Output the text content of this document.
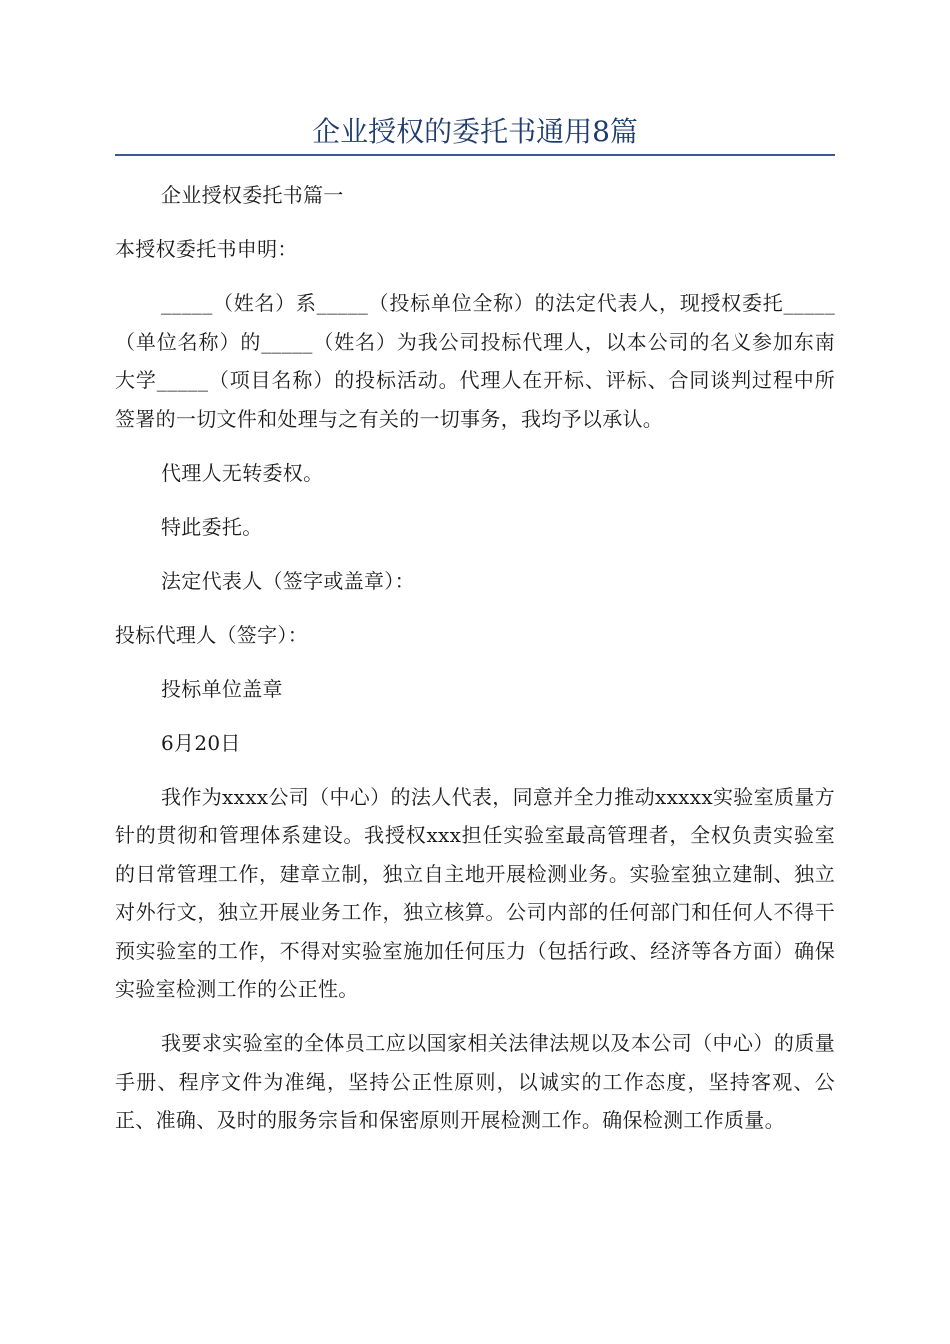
企业授权的委托书通用8篇

企业授权委托书篇一

本授权委托书申明：

_____（姓名）系_____（投标单位全称）的法定代表人，现授权委托_____（单位名称）的_____（姓名）为我公司投标代理人，以本公司的名义参加东南大学_____（项目名称）的投标活动。代理人在开标、评标、合同谈判过程中所签署的一切文件和处理与之有关的一切事务，我均予以承认。

代理人无转委权。

特此委托。

法定代表人（签字或盖章）：

投标代理人（签字）：

投标单位盖章

6月20日

我作为xxxx公司（中心）的法人代表，同意并全力推动xxxxx实验室质量方针的贯彻和管理体系建设。我授权xxx担任实验室最高管理者，全权负责实验室的日常管理工作，建章立制，独立自主地开展检测业务。实验室独立建制、独立对外行文，独立开展业务工作，独立核算。公司内部的任何部门和任何人不得干预实验室的工作，不得对实验室施加任何压力（包括行政、经济等各方面）确保实验室检测工作的公正性。

我要求实验室的全体员工应以国家相关法律法规以及本公司（中心）的质量手册、程序文件为准绳，坚持公正性原则，以诚实的工作态度，坚持客观、公正、准确、及时的服务宗旨和保密原则开展检测工作。确保检测工作质量。
